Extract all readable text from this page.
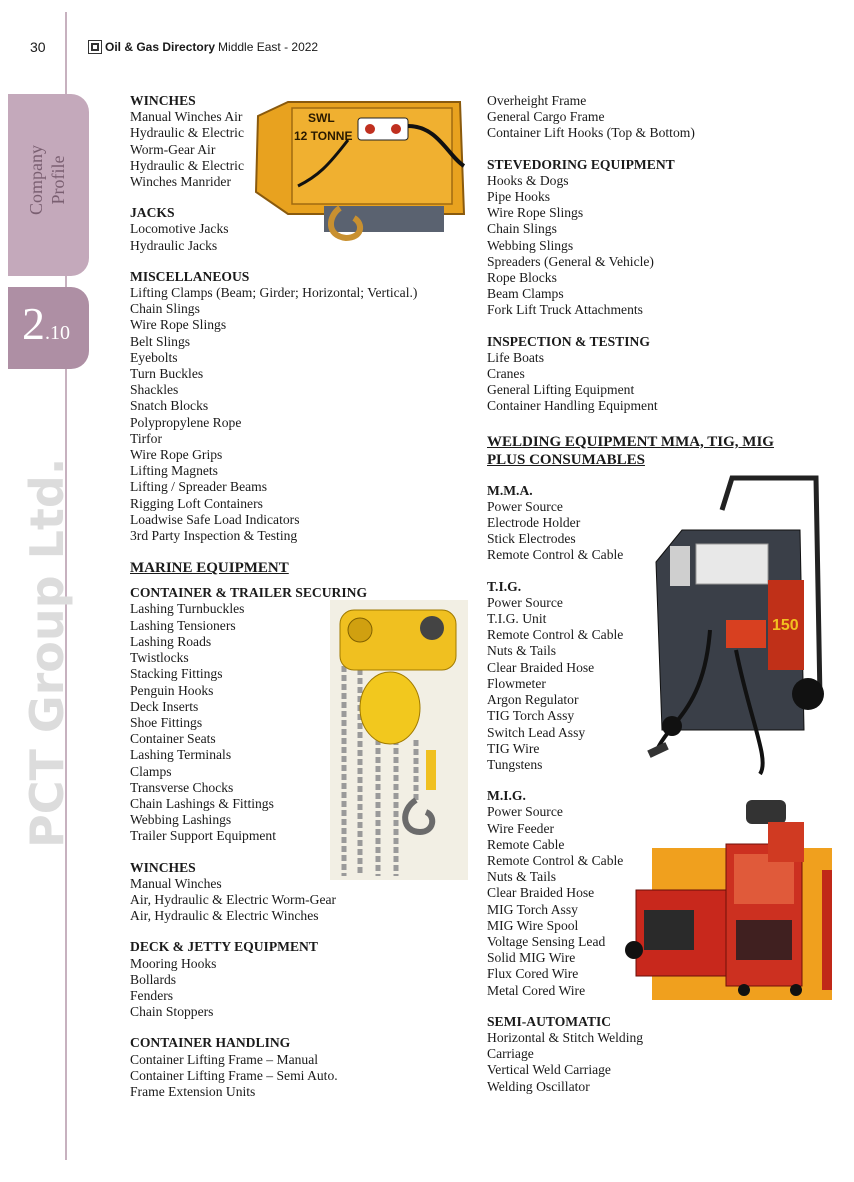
30	Oil & Gas Directory Middle East - 2022
Company Profile
2.10
PCT Group Ltd.
SWL
12 TONNE
150
WINCHES
Manual Winches Air
Hydraulic & Electric
Worm-Gear Air
Hydraulic & Electric
Winches Manrider
JACKS
Locomotive Jacks
Hydraulic Jacks
MISCELLANEOUS
Lifting Clamps (Beam; Girder; Horizontal; Vertical.)
Chain Slings
Wire Rope Slings
Belt Slings
Eyebolts
Turn Buckles
Shackles
Snatch Blocks
Polypropylene Rope
Tirfor
Wire Rope Grips
Lifting Magnets
Lifting / Spreader Beams
Rigging Loft Containers
Loadwise Safe Load Indicators
3rd Party Inspection & Testing
MARINE EQUIPMENT
CONTAINER & TRAILER SECURING
Lashing Turnbuckles
Lashing Tensioners
Lashing Roads
Twistlocks
Stacking Fittings
Penguin Hooks
Deck Inserts
Shoe Fittings
Container Seats
Lashing Terminals
Clamps
Transverse Chocks
Chain Lashings & Fittings
Webbing Lashings
Trailer Support Equipment
WINCHES
Manual Winches
Air, Hydraulic & Electric Worm-Gear
Air, Hydraulic & Electric Winches
DECK & JETTY EQUIPMENT
Mooring Hooks
Bollards
Fenders
Chain Stoppers
CONTAINER HANDLING
Container Lifting Frame – Manual
Container Lifting Frame – Semi Auto.
Frame Extension Units
Overheight Frame
General Cargo Frame
Container Lift Hooks (Top & Bottom)
STEVEDORING EQUIPMENT
Hooks & Dogs
Pipe Hooks
Wire Rope Slings
Chain Slings
Webbing Slings
Spreaders (General & Vehicle)
Rope Blocks
Beam Clamps
Fork Lift Truck Attachments
INSPECTION & TESTING
Life Boats
Cranes
General Lifting Equipment
Container Handling Equipment
WELDING EQUIPMENT MMA, TIG, MIG
PLUS CONSUMABLES
M.M.A.
Power Source
Electrode Holder
Stick Electrodes
Remote Control & Cable
T.I.G.
Power Source
T.I.G. Unit
Remote Control & Cable
Nuts & Tails
Clear Braided Hose
Flowmeter
Argon Regulator
TIG Torch Assy
Switch Lead Assy
TIG Wire
Tungstens
M.I.G.
Power Source
Wire Feeder
Remote Cable
Remote Control & Cable
Nuts & Tails
Clear Braided Hose
MIG Torch Assy
MIG Wire Spool
Voltage Sensing Lead
Solid MIG Wire
Flux Cored Wire
Metal Cored Wire
SEMI-AUTOMATIC
Horizontal & Stitch Welding
Carriage
Vertical Weld Carriage
Welding Oscillator
